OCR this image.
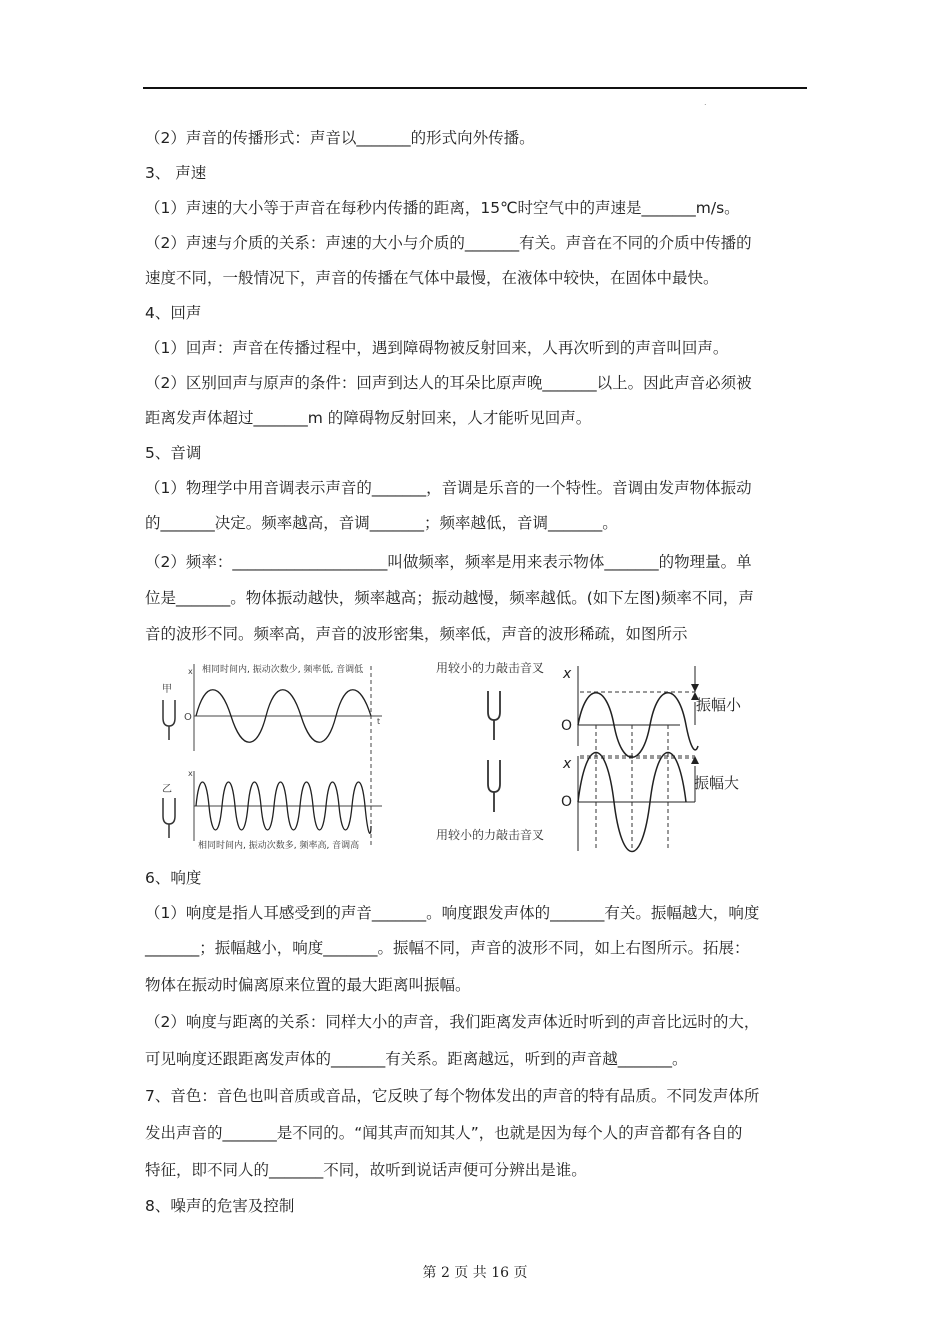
.
（2）声音的传播形式：声音以_______的形式向外传播。
3、 声速
（1）声速的大小等于声音在每秒内传播的距离，15℃时空气中的声速是_______m/s。
（2）声速与介质的关系：声速的大小与介质的_______有关。声音在不同的介质中传播的
速度不同，一般情况下，声音的传播在气体中最慢，在液体中较快，在固体中最快。
4、回声
（1）回声：声音在传播过程中，遇到障碍物被反射回来，人再次听到的声音叫回声。
（2）区别回声与原声的条件：回声到达人的耳朵比原声晚_______以上。因此声音必须被
距离发声体超过_______m 的障碍物反射回来，人才能听见回声。
5、音调
（1）物理学中用音调表示声音的_______，音调是乐音的一个特性。音调由发声物体振动
的_______决定。频率越高，音调_______；频率越低，音调_______。
（2）频率：____________________叫做频率，频率是用来表示物体_______的物理量。单
位是_______。物体振动越快，频率越高；振动越慢，频率越低。(如下左图)频率不同，声
音的波形不同。频率高，声音的波形密集，频率低，声音的波形稀疏，如图所示
6、响度
（1）响度是指人耳感受到的声音_______。响度跟发声体的_______有关。振幅越大，响度
_______；振幅越小，响度_______。振幅不同，声音的波形不同，如上右图所示。拓展：
物体在振动时偏离原来位置的最大距离叫振幅。
（2）响度与距离的关系：同样大小的声音，我们距离发声体近时听到的声音比远时的大，
可见响度还跟距离发声体的_______有关系。距离越远，听到的声音越_______。
7、音色：音色也叫音质或音品，它反映了每个物体发出的声音的特有品质。不同发声体所
发出声音的_______是不同的。“闻其声而知其人”，也就是因为每个人的声音都有各自的
特征，即不同人的_______不同，故听到说话声便可分辨出是谁。
8、噪声的危害及控制
相同时间内, 振动次数少, 频率低, 音调低
甲
x
O	t
乙
x
相同时间内, 振动次数多, 频率高, 音调高
用较小的力敲击音叉 x
O
振幅小
x
O
振幅大
用较小的力敲击音叉
第 2 页 共 16 页
